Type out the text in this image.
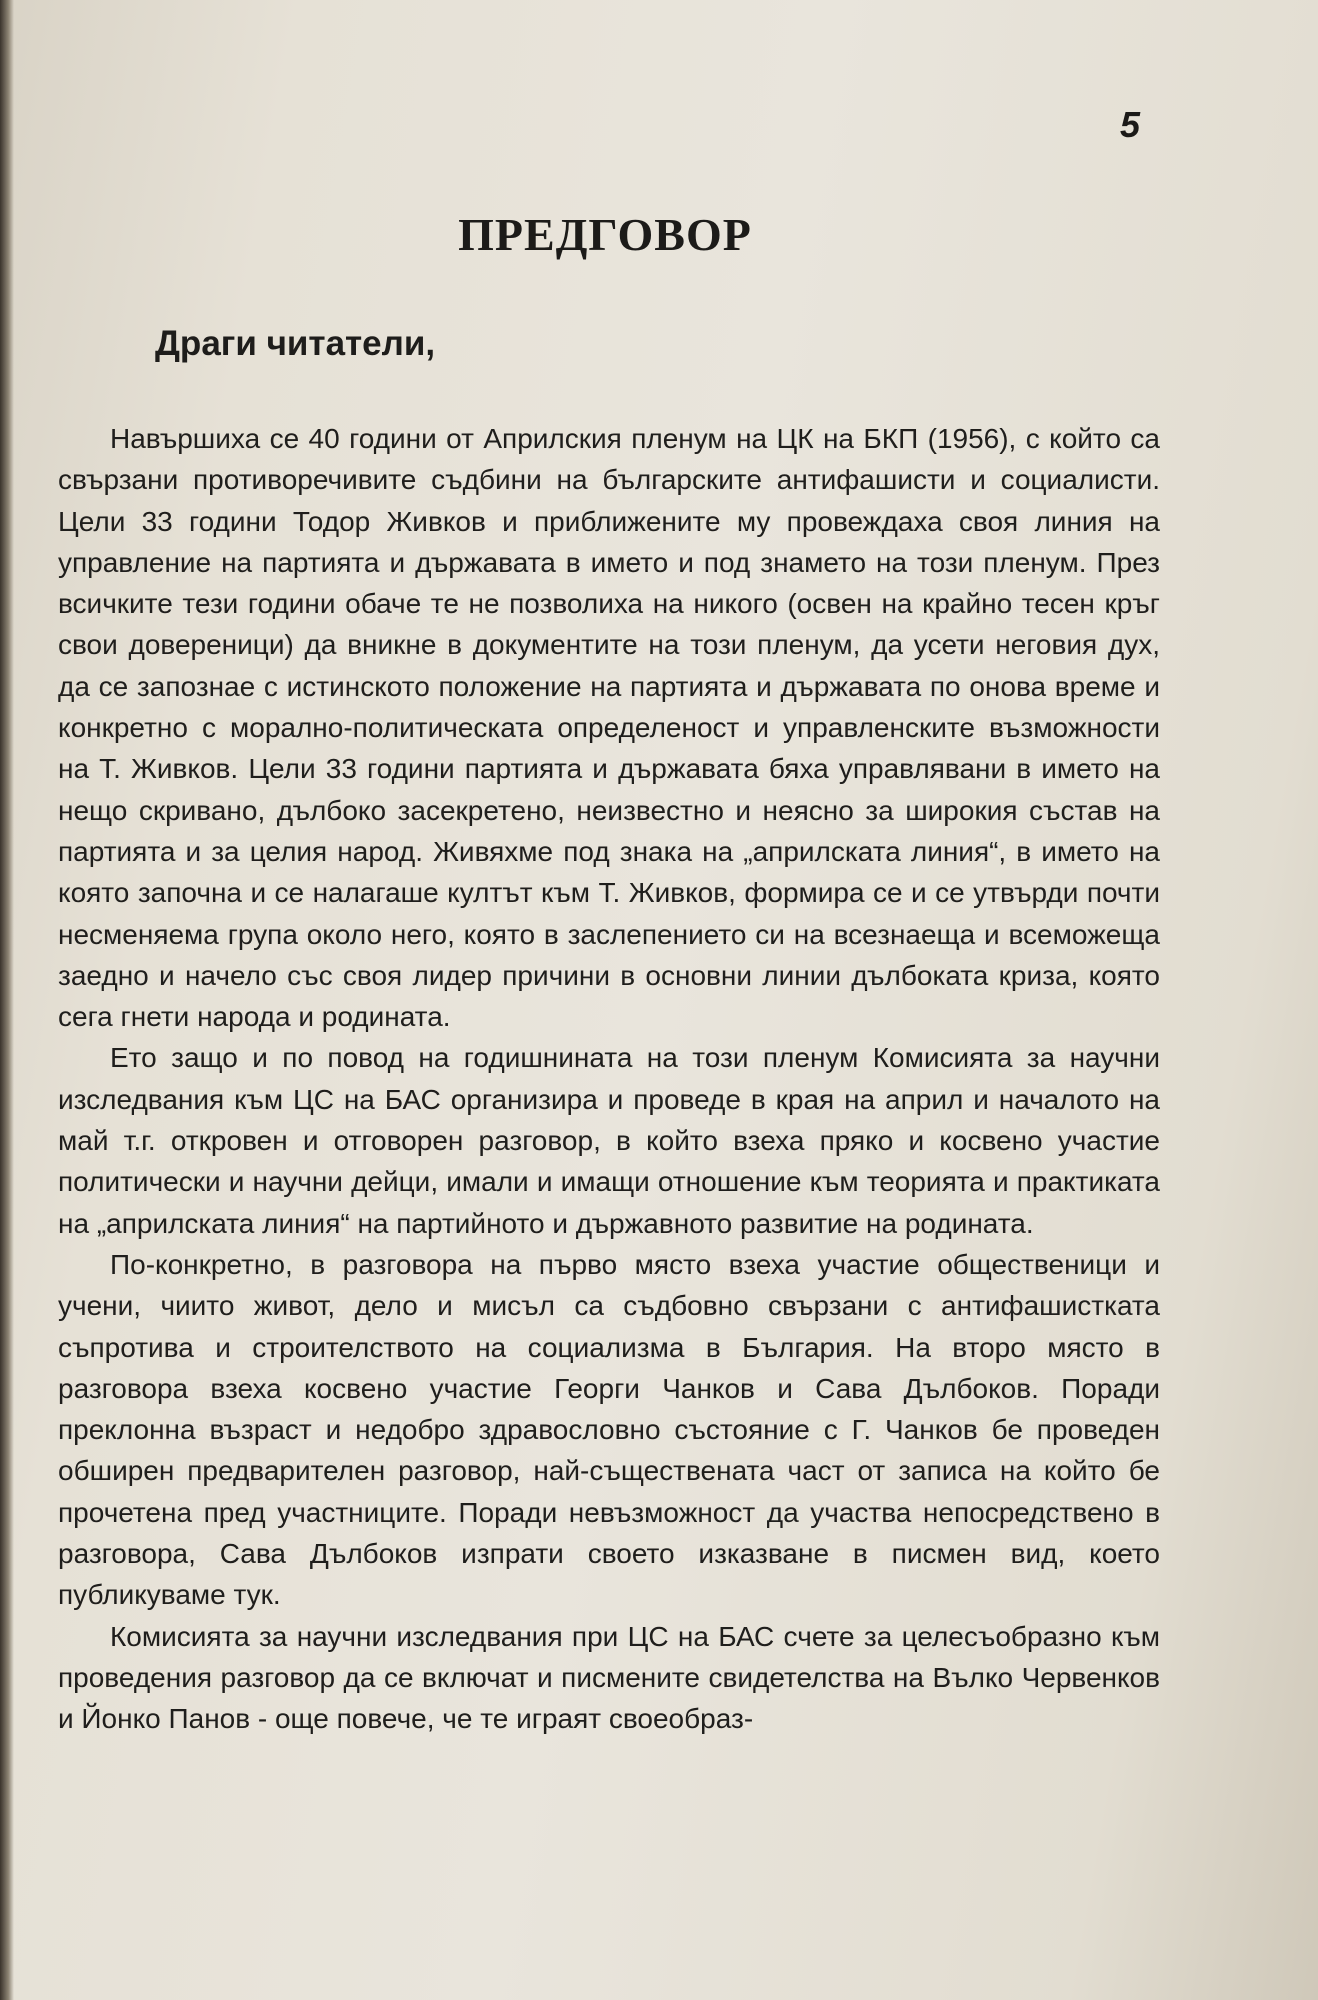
5
ПРЕДГОВОР
Драги читатели,

Навършиха се 40 години от Априлския пленум на ЦК на БКП (1956), с който са свързани противоречивите съдбини на българските антифашисти и социалисти. Цели 33 години Тодор Живков и приближените му провеждаха своя линия на управление на партията и държавата в името и под знамето на този пленум. През всичките тези години обаче те не позволиха на никого (освен на крайно тесен кръг свои довереници) да вникне в документите на този пленум, да усети неговия дух, да се запознае с истинското положение на партията и държавата по онова време и конкретно с морално-политическата определеност и управленските възможности на Т. Живков. Цели 33 години партията и държавата бяха управлявани в името на нещо скривано, дълбоко засекретено, неизвестно и неясно за широкия състав на партията и за целия народ. Живяхме под знака на „априлската линия“, в името на която започна и се налагаше култът към Т. Живков, формира се и се утвърди почти несменяема група около него, която в заслепението си на всезнаеща и всеможеща заедно и начело със своя лидер причини в основни линии дълбоката криза, която сега гнети народа и родината.

Ето защо и по повод на годишнината на този пленум Комисията за научни изследвания към ЦС на БАС организира и проведе в края на април и началото на май т.г. откровен и отговорен разговор, в който взеха пряко и косвено участие политически и научни дейци, имали и имащи отношение към теорията и практиката на „априлската линия“ на партийното и държавното развитие на родината.

По-конкретно, в разговора на първо място взеха участие общественици и учени, чиито живот, дело и мисъл са съдбовно свързани с антифашистката съпротива и строителството на социализма в България. На второ място в разговора взеха косвено участие Георги Чанков и Сава Дълбоков. Поради преклонна възраст и недобро здравословно състояние с Г. Чанков бе проведен обширен предварителен разговор, най-съществената част от записа на който бе прочетена пред участниците. Поради невъзможност да участва непосредствено в разговора, Сава Дълбоков изпрати своето изказване в писмен вид, което публикуваме тук.

Комисията за научни изследвания при ЦС на БАС счете за целесъобразно към проведения разговор да се включат и писмените свидетелства на Вълко Червенков и Йонко Панов - още повече, че те играят своеобраз-
